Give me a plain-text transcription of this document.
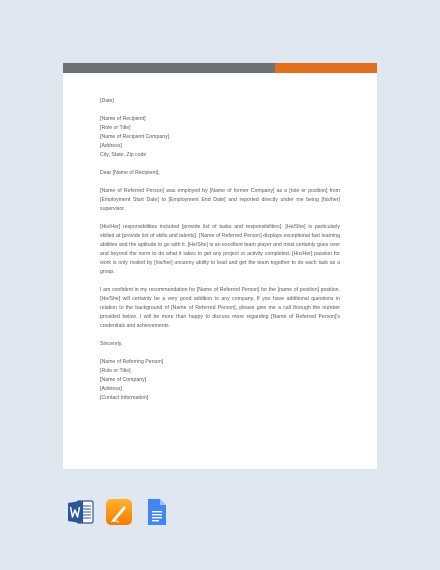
[Date]
[Name of Recipient]
[Role or Title]
[Name of Recipient Company]
[Address]
City, State, Zip code
Dear [Name of Recipient],

[Name of Referred Person] was employed by [Name of former Company] as a [role or position] from [Employment Start Date] to [Employment End Date] and reported directly under me being [his/her] supervisor.

[His/Her] responsibilities included [provide list of tasks and responsibilities]. [He/She] is particularly skilled at [provide list of skills and talents]. [Name of Referred Person] displays exceptional fast learning abilities and the aptitude to go with it. [He/She] is an excellent team player and most certainly goes over and beyond the norm to do what it takes to get any project or activity completed. [His/Her] passion for work is only rivaled by [his/her] uncanny ability to lead and get the team together to do each task as a group.

I am confident in my recommendation for [Name of Referred Person] for the [name of position] position. [He/She] will certainly be a very good addition to any company. If you have additional questions in relation to the background of [Name of Referred Person], please give me a call through the number provided below. I will be more than happy to discuss more regarding [Name of Referred Person]'s credentials and achievements.

Sincerely,
[Name of Referring Person]
[Role or Title]
[Name of Company]
[Address]
[Contact Information]
